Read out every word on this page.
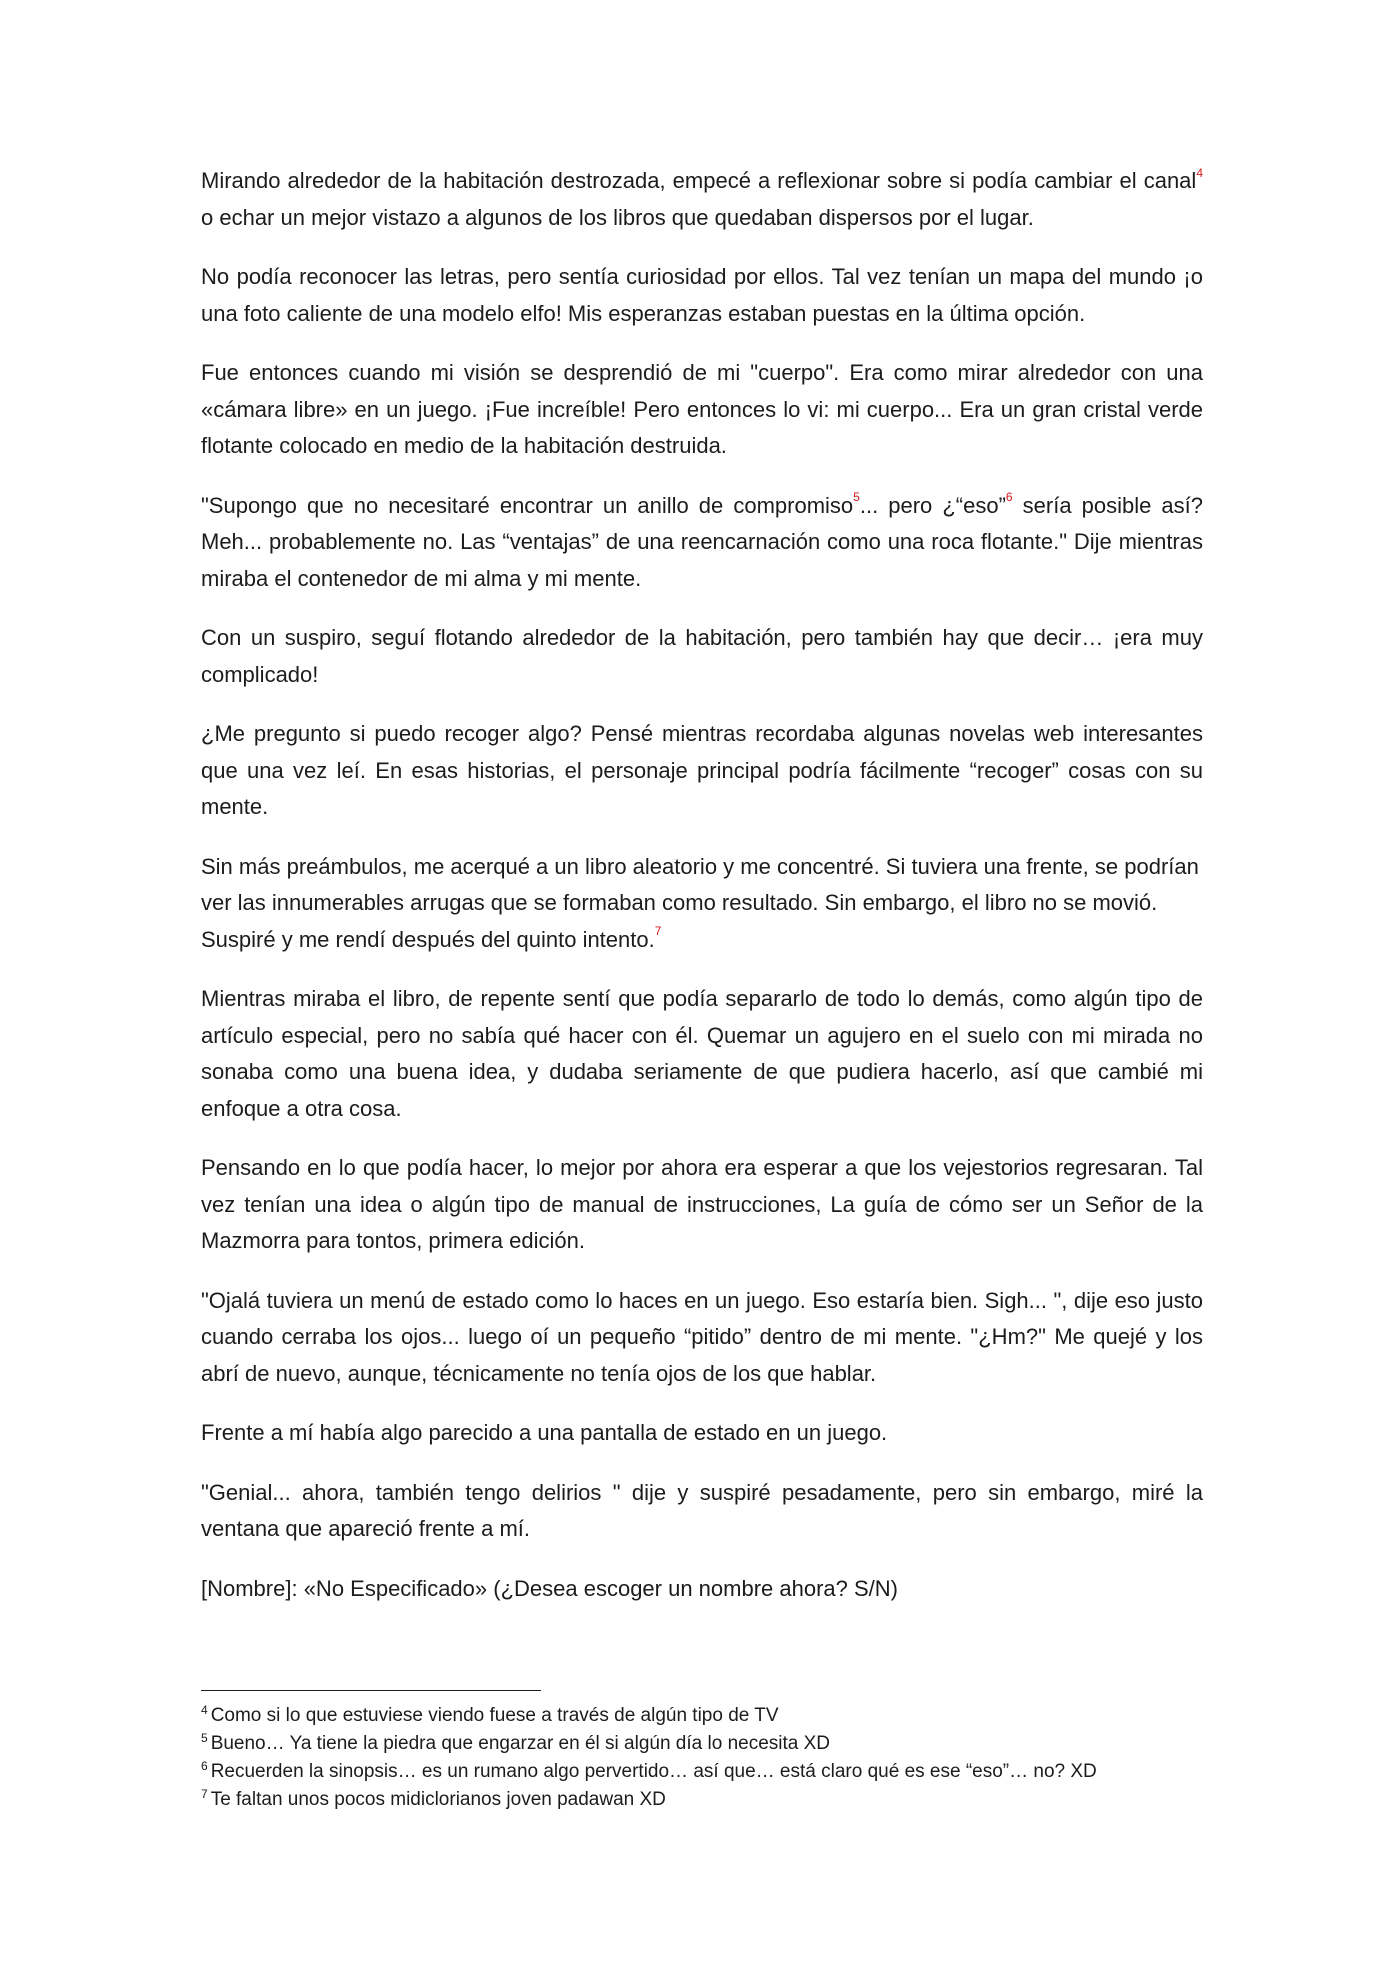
Mirando alrededor de la habitación destrozada, empecé a reflexionar sobre si podía cambiar el canal$^4$ o echar un mejor vistazo a algunos de los libros que quedaban dispersos por el lugar.

No podía reconocer las letras, pero sentía curiosidad por ellos. Tal vez tenían un mapa del mundo ¡o una foto caliente de una modelo elfo! Mis esperanzas estaban puestas en la última opción.

Fue entonces cuando mi visión se desprendió de mi "cuerpo". Era como mirar alrededor con una «cámara libre» en un juego. ¡Fue increíble! Pero entonces lo vi: mi cuerpo... Era un gran cristal verde flotante colocado en medio de la habitación destruida.

"Supongo que no necesitaré encontrar un anillo de compromiso$^5$... pero ¿“eso”$^6$ sería posible así? Meh... probablemente no. Las “ventajas” de una reencarnación como una roca flotante." Dije mientras miraba el contenedor de mi alma y mi mente.

Con un suspiro, seguí flotando alrededor de la habitación, pero también hay que decir… ¡era muy complicado!

¿Me pregunto si puedo recoger algo? Pensé mientras recordaba algunas novelas web interesantes que una vez leí. En esas historias, el personaje principal podría fácilmente “recoger” cosas con su mente.

Sin más preámbulos, me acerqué a un libro aleatorio y me concentré. Si tuviera una frente, se podrían ver las innumerables arrugas que se formaban como resultado. Sin embargo, el libro no se movió. Suspiré y me rendí después del quinto intento.$^7$

Mientras miraba el libro, de repente sentí que podía separarlo de todo lo demás, como algún tipo de artículo especial, pero no sabía qué hacer con él. Quemar un agujero en el suelo con mi mirada no sonaba como una buena idea, y dudaba seriamente de que pudiera hacerlo, así que cambié mi enfoque a otra cosa.

Pensando en lo que podía hacer, lo mejor por ahora era esperar a que los vejestorios regresaran. Tal vez tenían una idea o algún tipo de manual de instrucciones, La guía de cómo ser un Señor de la Mazmorra para tontos, primera edición.

"Ojalá tuviera un menú de estado como lo haces en un juego. Eso estaría bien. Sigh... ", dije eso justo cuando cerraba los ojos... luego oí un pequeño “pitido” dentro de mi mente. "¿Hm?" Me quejé y los abrí de nuevo, aunque, técnicamente no tenía ojos de los que hablar.

Frente a mí había algo parecido a una pantalla de estado en un juego.

"Genial... ahora, también tengo delirios " dije y suspiré pesadamente, pero sin embargo, miré la ventana que apareció frente a mí.

[Nombre]: «No Especificado» (¿Desea escoger un nombre ahora? S/N)

$^4$ Como si lo que estuviese viendo fuese a través de algún tipo de TV
$^5$ Bueno… Ya tiene la piedra que engarzar en él si algún día lo necesita XD
$^6$ Recuerden la sinopsis… es un rumano algo pervertido… así que… está claro qué es ese “eso”… no? XD
$^7$ Te faltan unos pocos midiclorianos joven padawan XD
